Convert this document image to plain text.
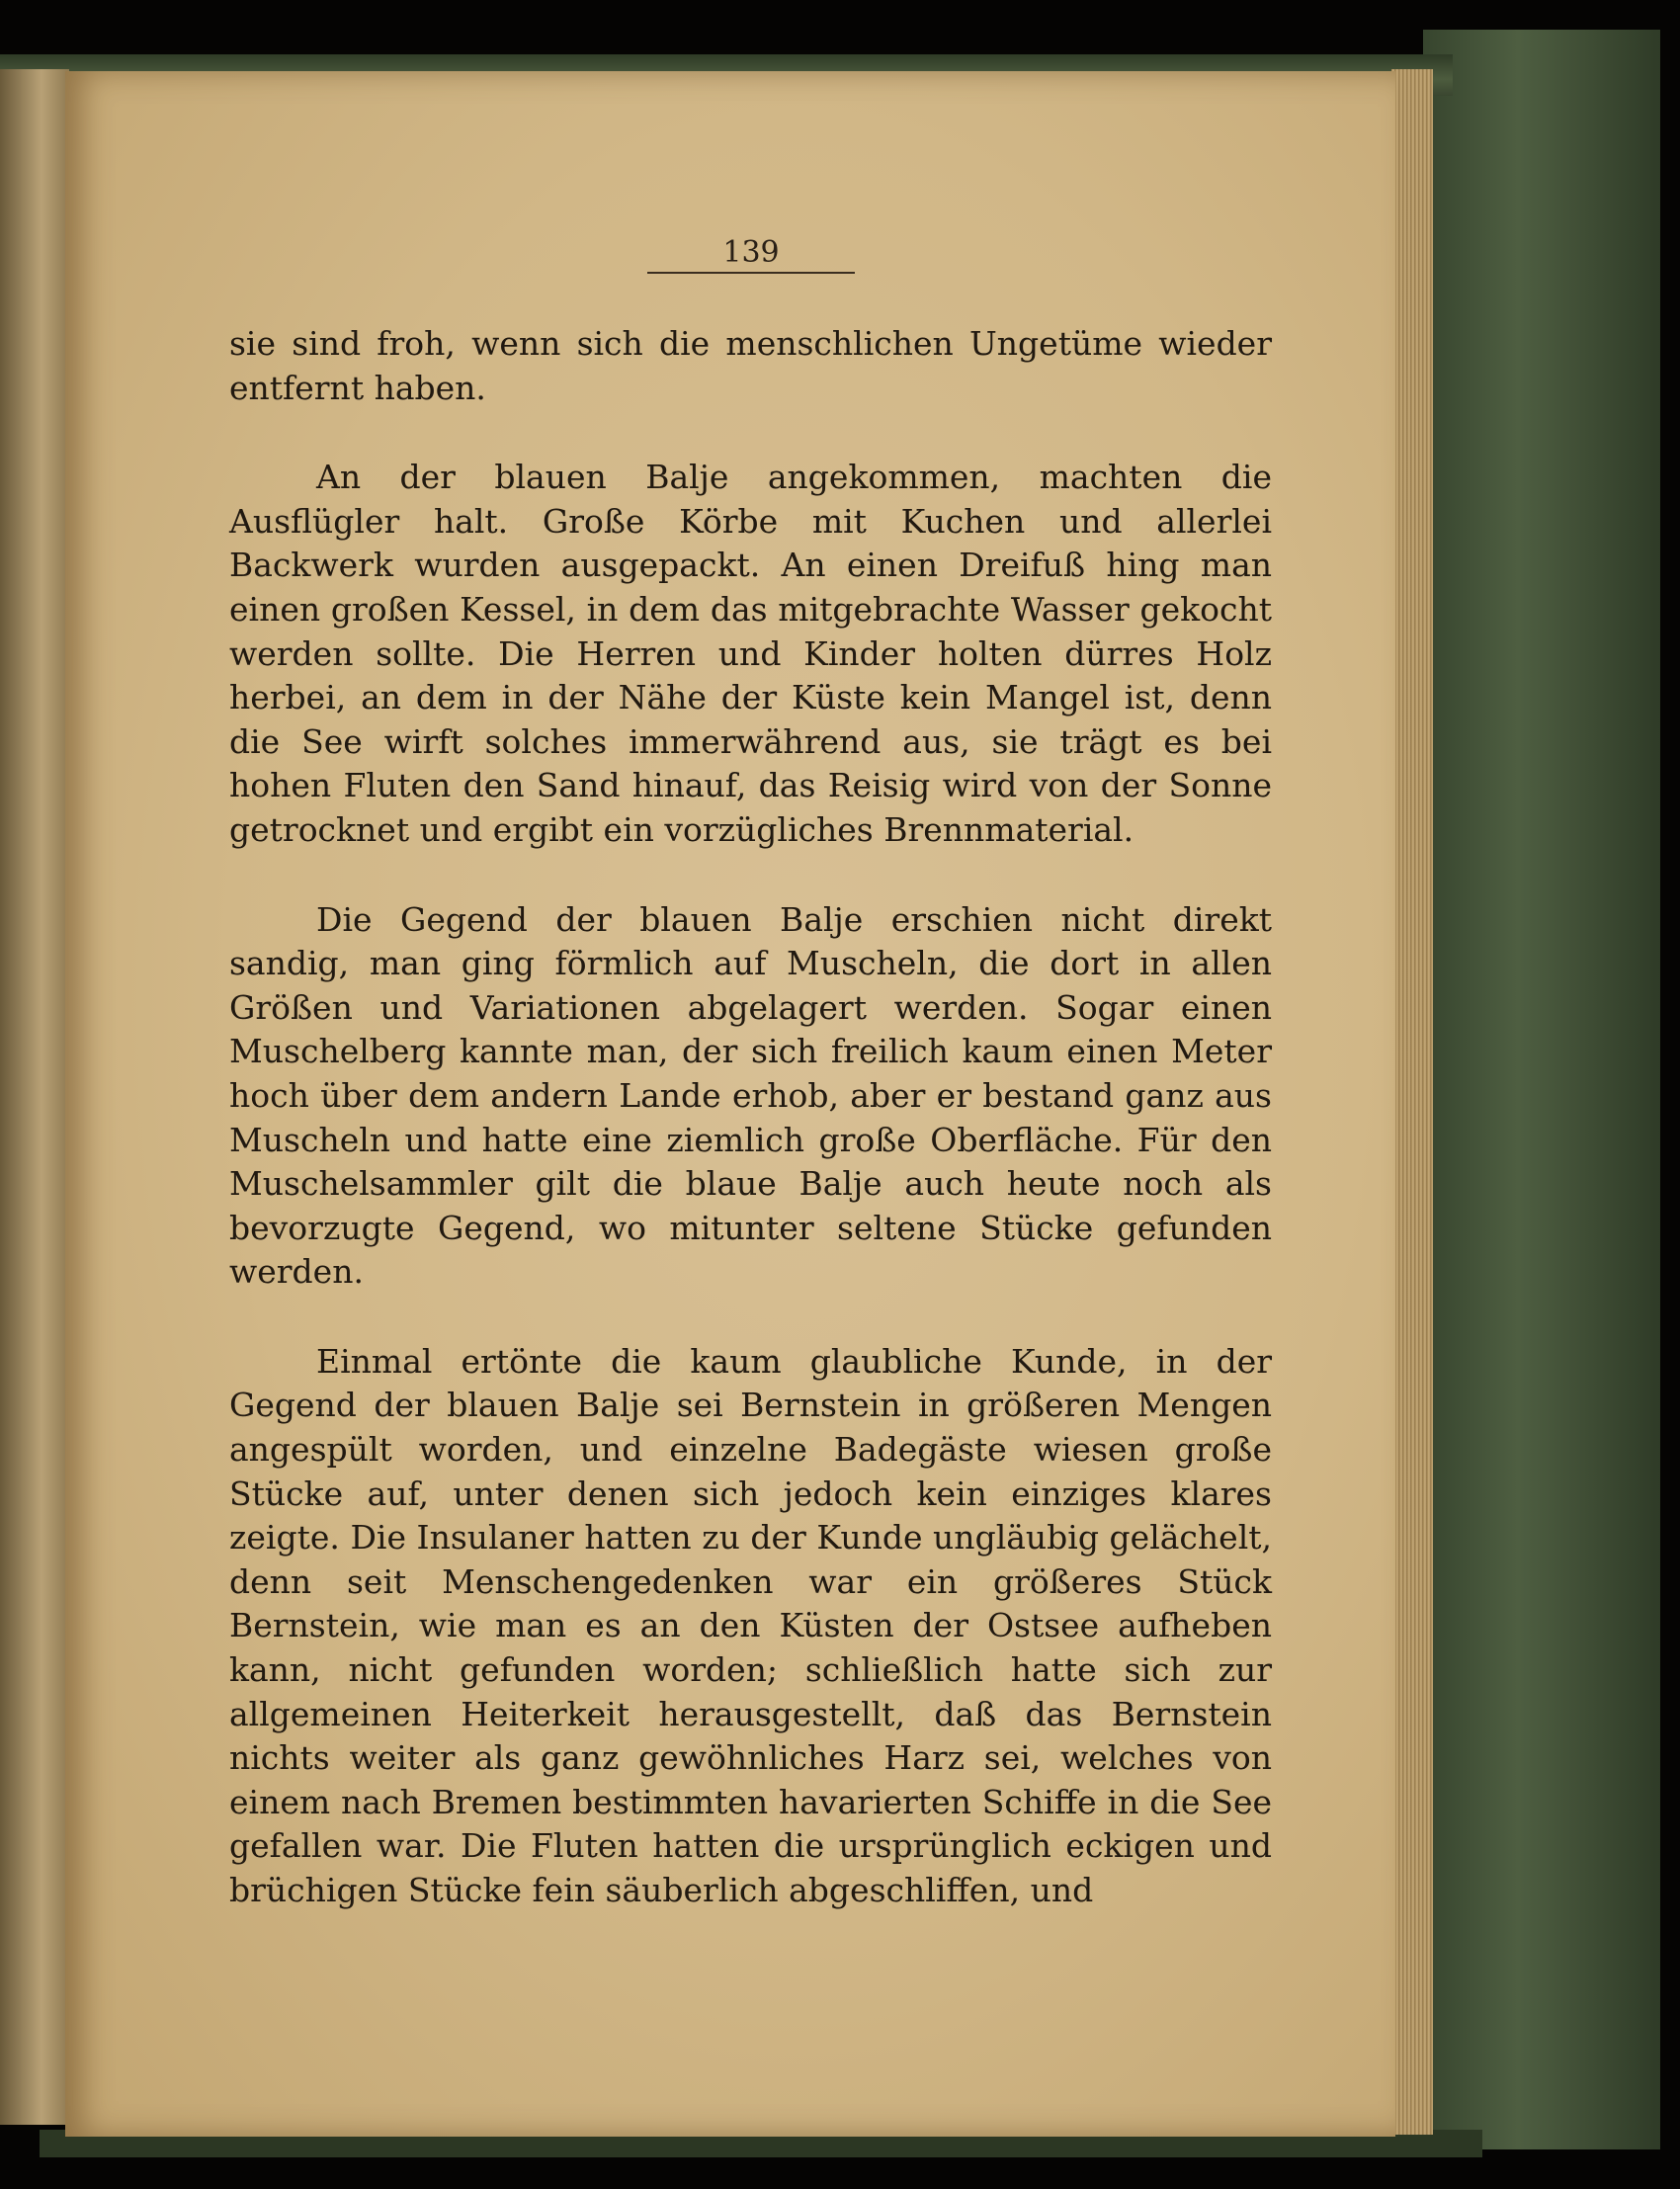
139

sie sind froh, wenn sich die menschlichen Ungetüme wieder entfernt haben.

An der blauen Balje angekommen, machten die Ausflügler halt. Große Körbe mit Kuchen und allerlei Backwerk wurden ausgepackt. An einen Dreifuß hing man einen großen Kessel, in dem das mitgebrachte Wasser gekocht werden sollte. Die Herren und Kinder holten dürres Holz herbei, an dem in der Nähe der Küste kein Mangel ist, denn die See wirft solches immerwährend aus, sie trägt es bei hohen Fluten den Sand hinauf, das Reisig wird von der Sonne getrocknet und ergibt ein vorzügliches Brennmaterial.

Die Gegend der blauen Balje erschien nicht direkt sandig, man ging förmlich auf Muscheln, die dort in allen Größen und Variationen abgelagert werden. Sogar einen Muschelberg kannte man, der sich freilich kaum einen Meter hoch über dem andern Lande erhob, aber er bestand ganz aus Muscheln und hatte eine ziemlich große Oberfläche. Für den Muschelsammler gilt die blaue Balje auch heute noch als bevorzugte Gegend, wo mitunter seltene Stücke gefunden werden.

Einmal ertönte die kaum glaubliche Kunde, in der Gegend der blauen Balje sei Bernstein in größeren Mengen angespült worden, und einzelne Badegäste wiesen große Stücke auf, unter denen sich jedoch kein einziges klares zeigte. Die Insulaner hatten zu der Kunde ungläubig gelächelt, denn seit Menschengedenken war ein größeres Stück Bernstein, wie man es an den Küsten der Ostsee aufheben kann, nicht gefunden worden; schließlich hatte sich zur allgemeinen Heiterkeit herausgestellt, daß das Bernstein nichts weiter als ganz gewöhnliches Harz sei, welches von einem nach Bremen bestimmten havarierten Schiffe in die See gefallen war. Die Fluten hatten die ursprünglich eckigen und brüchigen Stücke fein säuberlich abgeschliffen, und
